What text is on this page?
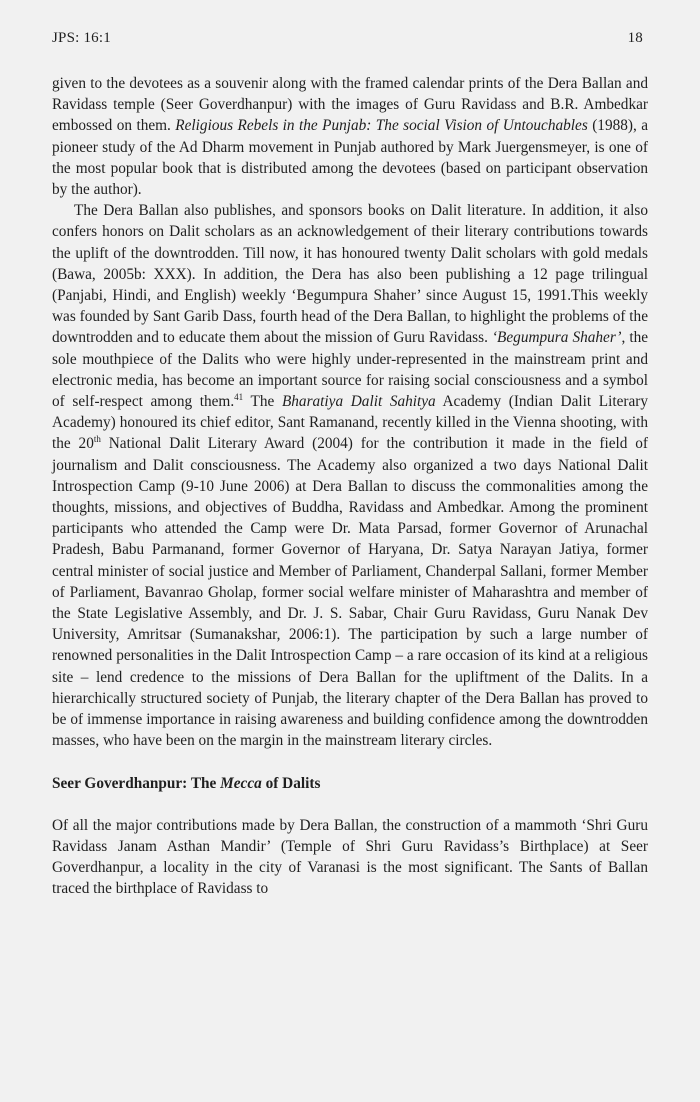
JPS: 16:1	18

given to the devotees as a souvenir along with the framed calendar prints of the Dera Ballan and Ravidass temple (Seer Goverdhanpur) with the images of Guru Ravidass and B.R. Ambedkar embossed on them. Religious Rebels in the Punjab: The social Vision of Untouchables (1988), a pioneer study of the Ad Dharm movement in Punjab authored by Mark Juergensmeyer, is one of the most popular book that is distributed among the devotees (based on participant observation by the author).

The Dera Ballan also publishes, and sponsors books on Dalit literature. In addition, it also confers honors on Dalit scholars as an acknowledgement of their literary contributions towards the uplift of the downtrodden. Till now, it has honoured twenty Dalit scholars with gold medals (Bawa, 2005b: XXX). In addition, the Dera has also been publishing a 12 page trilingual (Panjabi, Hindi, and English) weekly ‘Begumpura Shaher’ since August 15, 1991.This weekly was founded by Sant Garib Dass, fourth head of the Dera Ballan, to highlight the problems of the downtrodden and to educate them about the mission of Guru Ravidass. ‘Begumpura Shaher’, the sole mouthpiece of the Dalits who were highly under-represented in the mainstream print and electronic media, has become an important source for raising social consciousness and a symbol of self-respect among them.$^{41}$ The Bharatiya Dalit Sahitya Academy (Indian Dalit Literary Academy) honoured its chief editor, Sant Ramanand, recently killed in the Vienna shooting, with the 20th National Dalit Literary Award (2004) for the contribution it made in the field of journalism and Dalit consciousness. The Academy also organized a two days National Dalit Introspection Camp (9-10 June 2006) at Dera Ballan to discuss the commonalities among the thoughts, missions, and objectives of Buddha, Ravidass and Ambedkar. Among the prominent participants who attended the Camp were Dr. Mata Parsad, former Governor of Arunachal Pradesh, Babu Parmanand, former Governor of Haryana, Dr. Satya Narayan Jatiya, former central minister of social justice and Member of Parliament, Chanderpal Sallani, former Member of Parliament, Bavanrao Gholap, former social welfare minister of Maharashtra and member of the State Legislative Assembly, and Dr. J. S. Sabar, Chair Guru Ravidass, Guru Nanak Dev University, Amritsar (Sumanakshar, 2006:1). The participation by such a large number of renowned personalities in the Dalit Introspection Camp – a rare occasion of its kind at a religious site – lend credence to the missions of Dera Ballan for the upliftment of the Dalits. In a hierarchically structured society of Punjab, the literary chapter of the Dera Ballan has proved to be of immense importance in raising awareness and building confidence among the downtrodden masses, who have been on the margin in the mainstream literary circles.

Seer Goverdhanpur: The Mecca of Dalits

Of all the major contributions made by Dera Ballan, the construction of a mammoth ‘Shri Guru Ravidass Janam Asthan Mandir’ (Temple of Shri Guru Ravidass’s Birthplace) at Seer Goverdhanpur, a locality in the city of Varanasi is the most significant. The Sants of Ballan traced the birthplace of Ravidass to
